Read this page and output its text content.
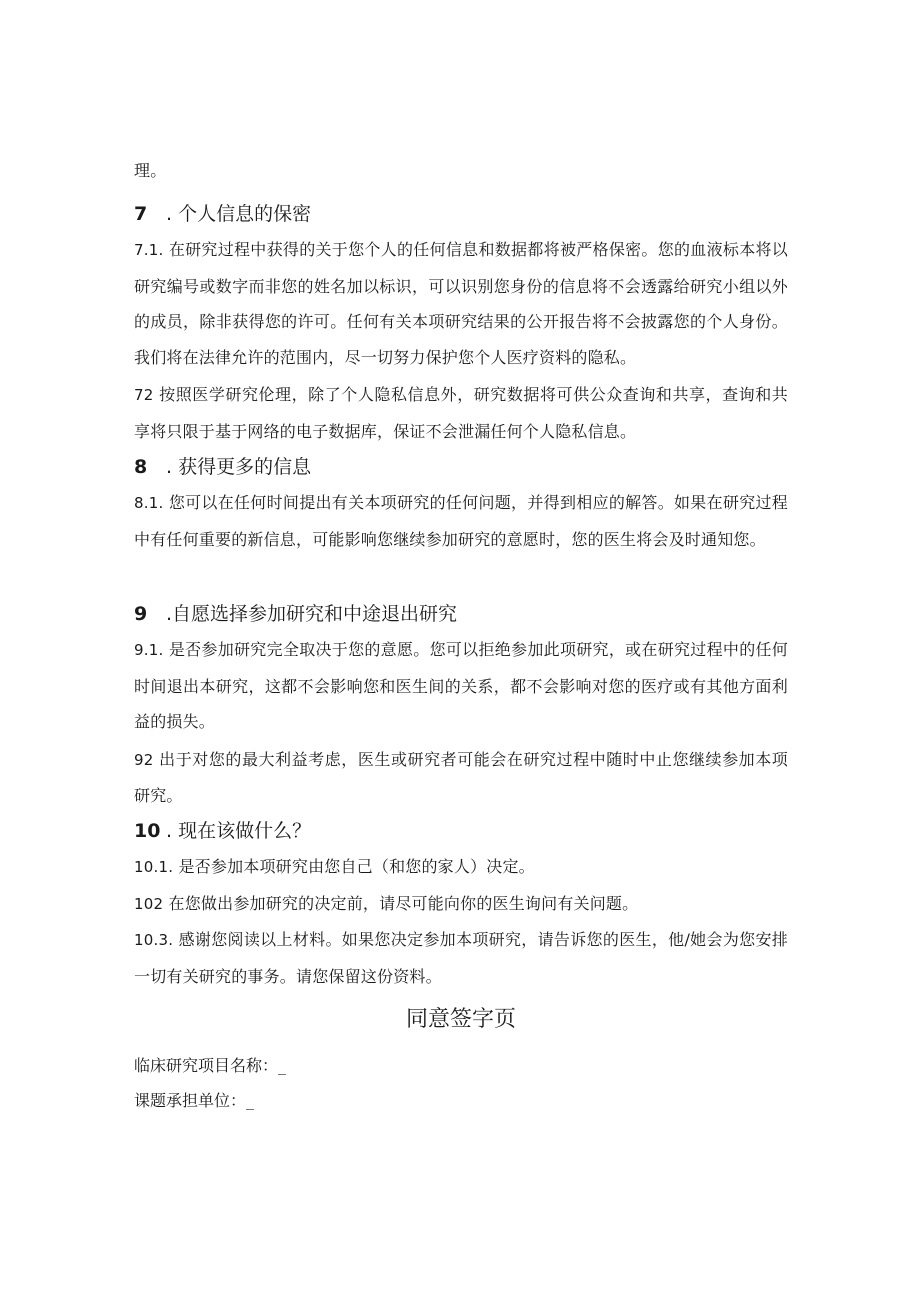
理。

7 . 个人信息的保密

7.1. 在研究过程中获得的关于您个人的任何信息和数据都将被严格保密。您的血液标本将以研究编号或数字而非您的姓名加以标识，可以识别您身份的信息将不会透露给研究小组以外的成员，除非获得您的许可。任何有关本项研究结果的公开报告将不会披露您的个人身份。我们将在法律允许的范围内，尽一切努力保护您个人医疗资料的隐私。

72 按照医学研究伦理，除了个人隐私信息外，研究数据将可供公众查询和共享，查询和共享将只限于基于网络的电子数据库，保证不会泄漏任何个人隐私信息。

8 . 获得更多的信息

8.1. 您可以在任何时间提出有关本项研究的任何问题，并得到相应的解答。如果在研究过程中有任何重要的新信息，可能影响您继续参加研究的意愿时，您的医生将会及时通知您。

9 .自愿选择参加研究和中途退出研究

9.1. 是否参加研究完全取决于您的意愿。您可以拒绝参加此项研究，或在研究过程中的任何时间退出本研究，这都不会影响您和医生间的关系，都不会影响对您的医疗或有其他方面利益的损失。

92 出于对您的最大利益考虑，医生或研究者可能会在研究过程中随时中止您继续参加本项研究。

10 . 现在该做什么？

10.1. 是否参加本项研究由您自己（和您的家人）决定。

102 在您做出参加研究的决定前，请尽可能向你的医生询问有关问题。

10.3. 感谢您阅读以上材料。如果您决定参加本项研究，请告诉您的医生，他/她会为您安排一切有关研究的事务。请您保留这份资料。

同意签字页

临床研究项目名称：_

课题承担单位：_
